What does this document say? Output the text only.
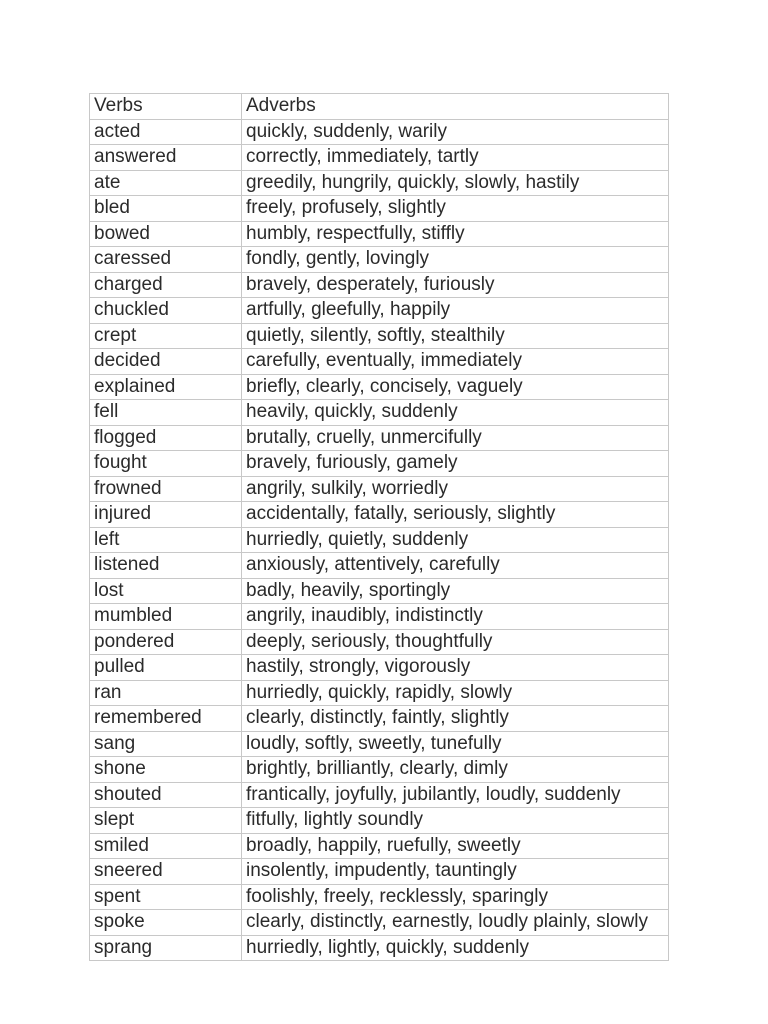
Verbs	Adverbs
acted	quickly, suddenly, warily
answered	correctly, immediately, tartly
ate	greedily, hungrily, quickly, slowly, hastily
bled	freely, profusely, slightly
bowed	humbly, respectfully, stiffly
caressed	fondly, gently, lovingly
charged	bravely, desperately, furiously
chuckled	artfully, gleefully, happily
crept	quietly, silently, softly, stealthily
decided	carefully, eventually, immediately
explained	briefly, clearly, concisely, vaguely
fell	heavily, quickly, suddenly
flogged	brutally, cruelly, unmercifully
fought	bravely, furiously, gamely
frowned	angrily, sulkily, worriedly
injured	accidentally, fatally, seriously, slightly
left	hurriedly, quietly, suddenly
listened	anxiously, attentively, carefully
lost	badly, heavily, sportingly
mumbled	angrily, inaudibly, indistinctly
pondered	deeply, seriously, thoughtfully
pulled	hastily, strongly, vigorously
ran	hurriedly, quickly, rapidly, slowly
remembered	clearly, distinctly, faintly, slightly
sang	loudly, softly, sweetly, tunefully
shone	brightly, brilliantly, clearly, dimly
shouted	frantically, joyfully, jubilantly, loudly, suddenly
slept	fitfully, lightly soundly
smiled	broadly, happily, ruefully, sweetly
sneered	insolently, impudently, tauntingly
spent	foolishly, freely, recklessly, sparingly
spoke	clearly, distinctly, earnestly, loudly plainly, slowly
sprang	hurriedly, lightly, quickly, suddenly
